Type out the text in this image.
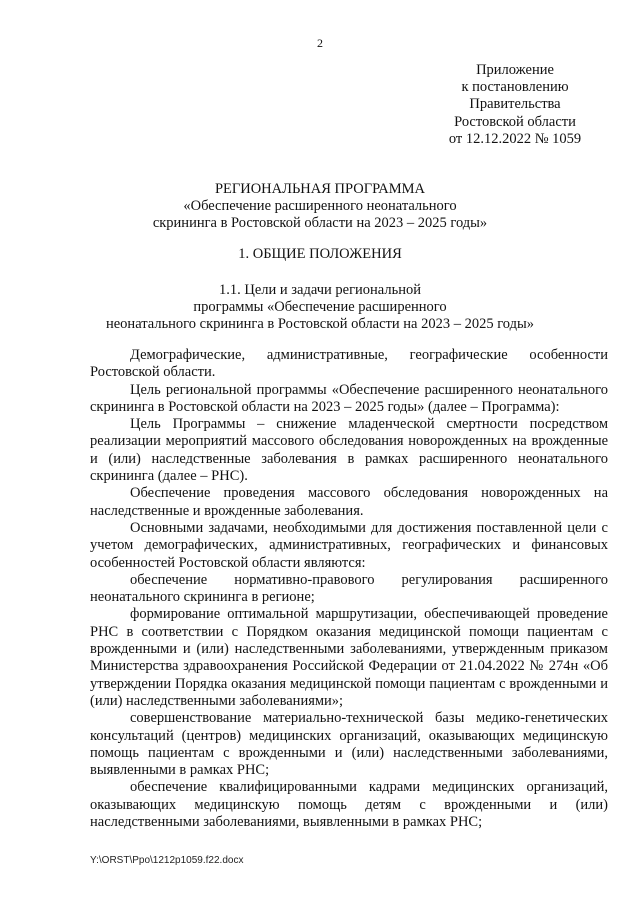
2
Приложение
к постановлению
Правительства
Ростовской области
от 12.12.2022 № 1059
РЕГИОНАЛЬНАЯ ПРОГРАММА
«Обеспечение расширенного неонатального
скрининга в Ростовской области на 2023 – 2025 годы»
1. ОБЩИЕ ПОЛОЖЕНИЯ
1.1. Цели и задачи региональной
программы «Обеспечение расширенного
неонатального скрининга в Ростовской области на 2023 – 2025 годы»

Демографические, административные, географические особенности Ростовской области.

Цель региональной программы «Обеспечение расширенного неонатального скрининга в Ростовской области на 2023 – 2025 годы» (далее – Программа):

Цель Программы – снижение младенческой смертности посредством реализации мероприятий массового обследования новорожденных на врожденные и (или) наследственные заболевания в рамках расширенного неонатального скрининга (далее – РНС).

Обеспечение проведения массового обследования новорожденных на наследственные и врожденные заболевания.

Основными задачами, необходимыми для достижения поставленной цели с учетом демографических, административных, географических и финансовых особенностей Ростовской области являются:

обеспечение нормативно-правового регулирования расширенного неонатального скрининга в регионе;

формирование оптимальной маршрутизации, обеспечивающей проведение РНС в соответствии с Порядком оказания медицинской помощи пациентам с врожденными и (или) наследственными заболеваниями, утвержденным приказом Министерства здравоохранения Российской Федерации от 21.04.2022 № 274н «Об утверждении Порядка оказания медицинской помощи пациентам с врожденными и (или) наследственными заболеваниями»;

совершенствование материально-технической базы медико-генетических консультаций (центров) медицинских организаций, оказывающих медицинскую помощь пациентам с врожденными и (или) наследственными заболеваниями, выявленными в рамках РНС;

обеспечение квалифицированными кадрами медицинских организаций, оказывающих медицинскую помощь детям с врожденными и (или) наследственными заболеваниями, выявленными в рамках РНС;

Y:\ORST\Ppo\1212p1059.f22.docx
